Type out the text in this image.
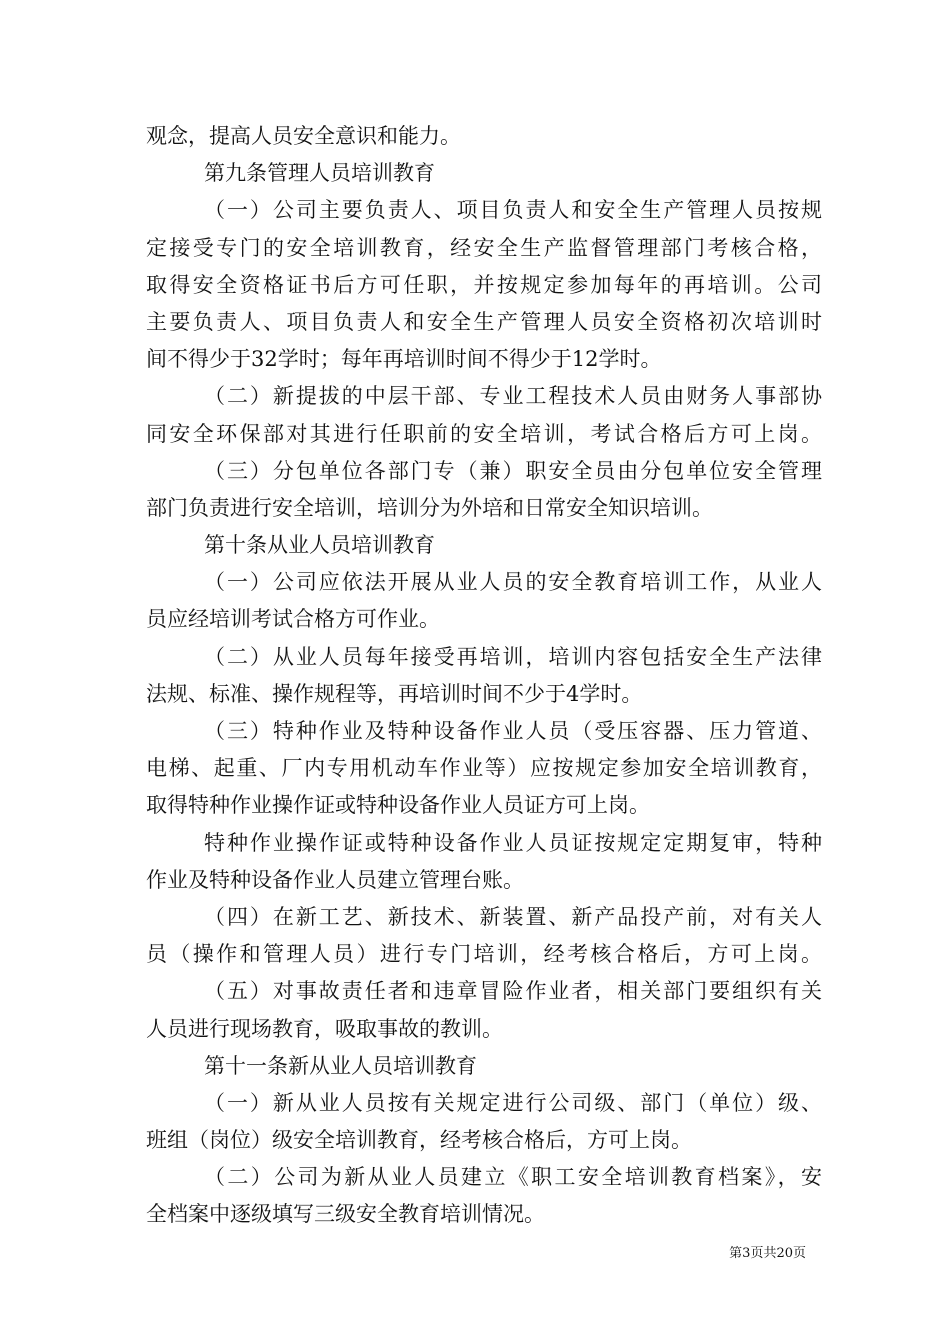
观念，提高人员安全意识和能力。
第九条管理人员培训教育
（一）公司主要负责人、项目负责人和安全生产管理人员按规
定接受专门的安全培训教育，经安全生产监督管理部门考核合格，
取得安全资格证书后方可任职，并按规定参加每年的再培训。公司
主要负责人、项目负责人和安全生产管理人员安全资格初次培训时
间不得少于32学时；每年再培训时间不得少于12学时。
（二）新提拔的中层干部、专业工程技术人员由财务人事部协
同安全环保部对其进行任职前的安全培训，考试合格后方可上岗。
（三）分包单位各部门专（兼）职安全员由分包单位安全管理
部门负责进行安全培训，培训分为外培和日常安全知识培训。
第十条从业人员培训教育
（一）公司应依法开展从业人员的安全教育培训工作，从业人
员应经培训考试合格方可作业。
（二）从业人员每年接受再培训，培训内容包括安全生产法律
法规、标准、操作规程等，再培训时间不少于4学时。
（三）特种作业及特种设备作业人员（受压容器、压力管道、
电梯、起重、厂内专用机动车作业等）应按规定参加安全培训教育，
取得特种作业操作证或特种设备作业人员证方可上岗。
特种作业操作证或特种设备作业人员证按规定定期复审，特种
作业及特种设备作业人员建立管理台账。
（四）在新工艺、新技术、新装置、新产品投产前，对有关人
员（操作和管理人员）进行专门培训，经考核合格后，方可上岗。
（五）对事故责任者和违章冒险作业者，相关部门要组织有关
人员进行现场教育，吸取事故的教训。
第十一条新从业人员培训教育
（一）新从业人员按有关规定进行公司级、部门（单位）级、
班组（岗位）级安全培训教育，经考核合格后，方可上岗。
（二）公司为新从业人员建立《职工安全培训教育档案》，安
全档案中逐级填写三级安全教育培训情况。
第3页共20页
